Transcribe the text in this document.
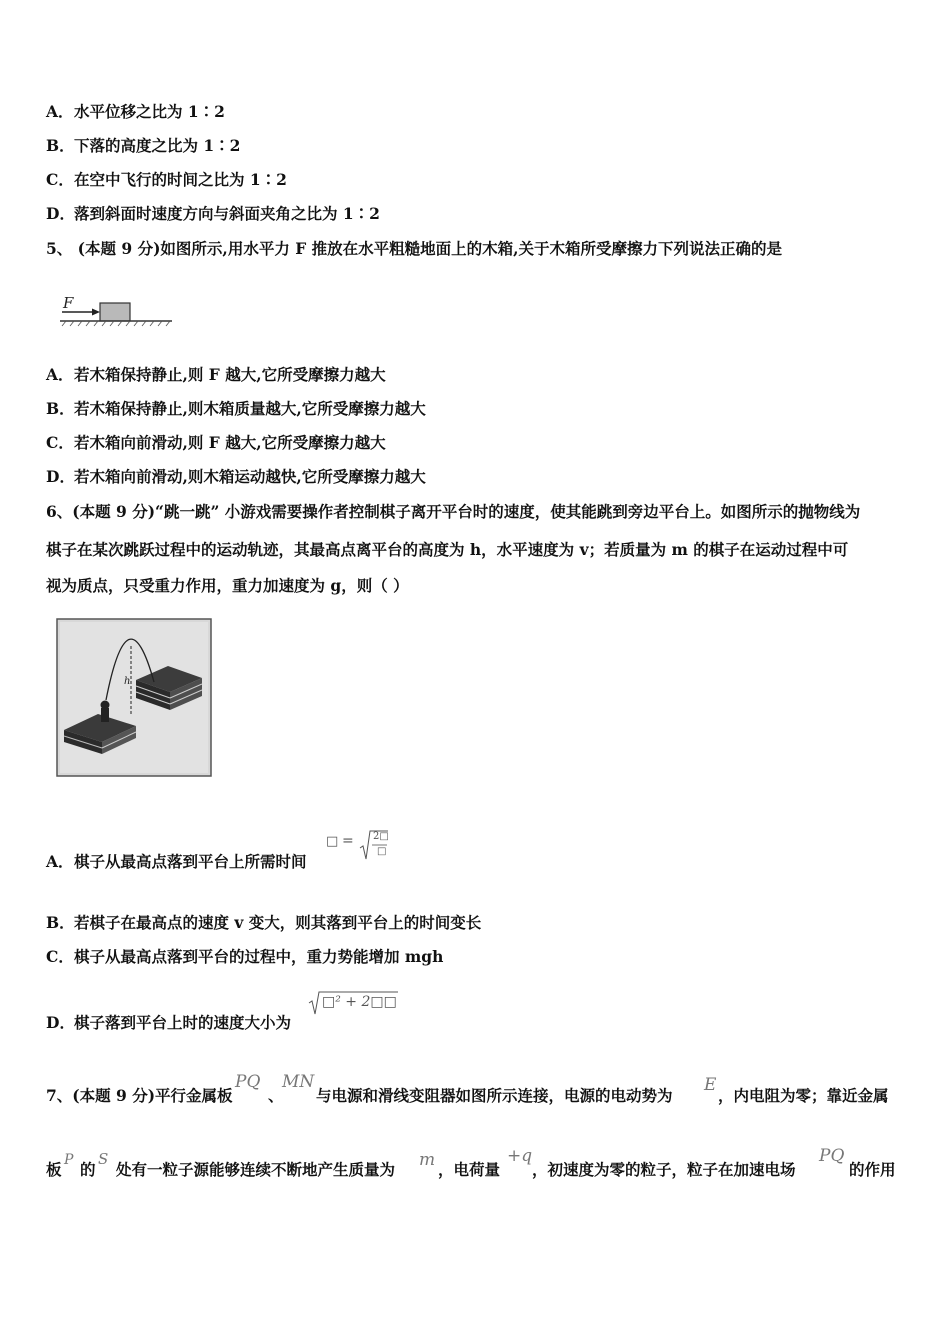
A．水平位移之比为 1∶2
B．下落的高度之比为 1∶2
C．在空中飞行的时间之比为 1∶2
D．落到斜面时速度方向与斜面夹角之比为 1∶2
5、 (本题 9 分)如图所示,用水平力 F 推放在水平粗糙地面上的木箱,关于木箱所受摩擦力下列说法正确的是
F
A．若木箱保持静止,则 F 越大,它所受摩擦力越大
B．若木箱保持静止,则木箱质量越大,它所受摩擦力越大
C．若木箱向前滑动,则 F 越大,它所受摩擦力越大
D．若木箱向前滑动,则木箱运动越快,它所受摩擦力越大
6、(本题 9 分)“跳一跳” 小游戏需要操作者控制棋子离开平台时的速度，使其能跳到旁边平台上。如图所示的抛物线为
棋子在某次跳跃过程中的运动轨迹，其最高点离平台的高度为 h，水平速度为 v；若质量为 m 的棋子在运动过程中可
视为质点，只受重力作用，重力加速度为 g，则（ ）
h
A．棋子从最高点落到平台上所需时间
□ = 2□
□
B．若棋子在最高点的速度 v 变大，则其落到平台上的时间变长
C．棋子从最高点落到平台的过程中，重力势能增加 mgh
D．棋子落到平台上时的速度大小为
□² + 2□□
7、(本题 9 分)平行金属板
PQ
、
MN
与电源和滑线变阻器如图所示连接，电源的电动势为
E
，内电阻为零；靠近金属
板 P 的
S
处有一粒子源能够连续不断地产生质量为 m ，电荷量
+q
，初速度为零的粒子，粒子在加速电场
PQ
的作用
